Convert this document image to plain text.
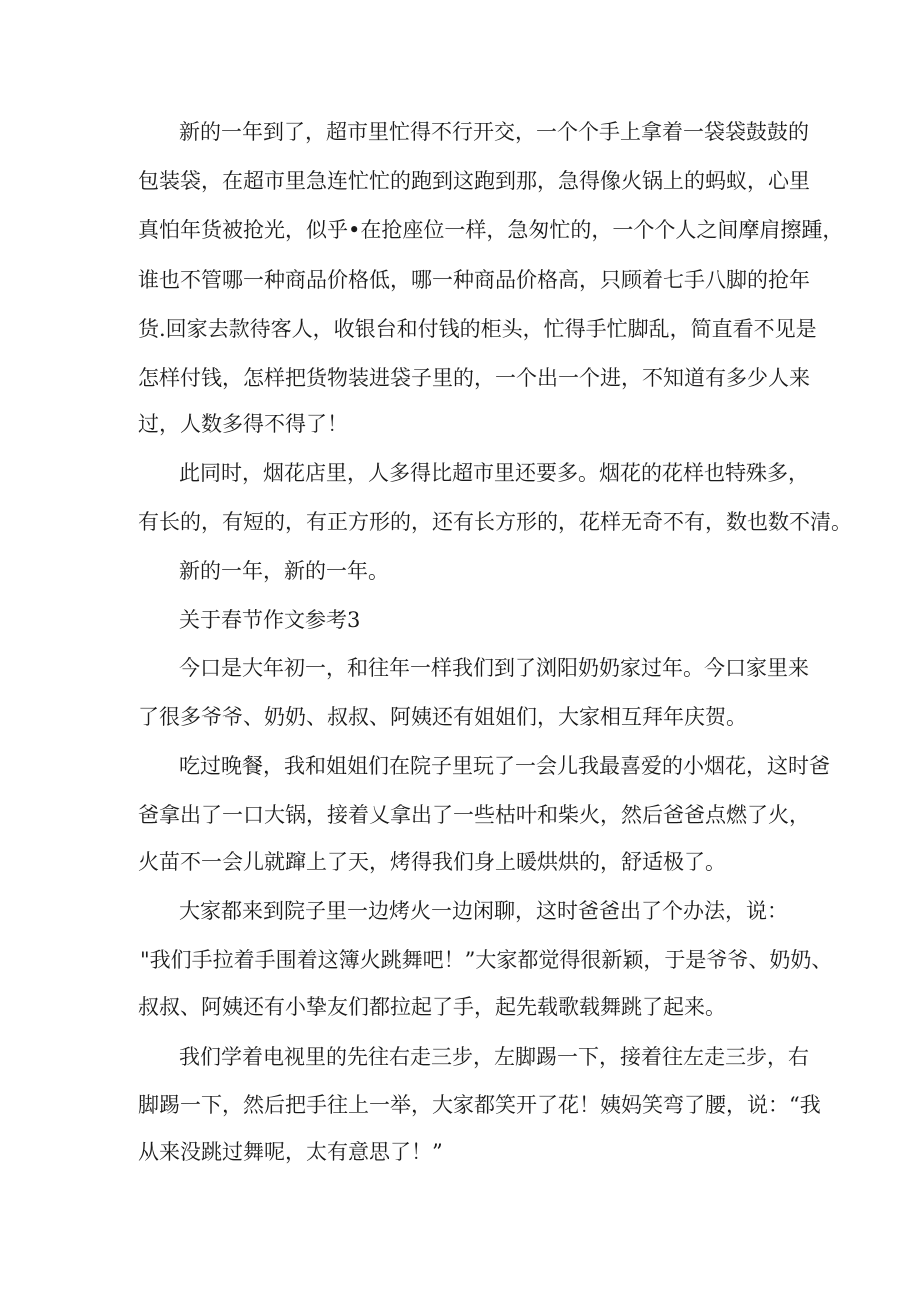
新的一年到了，超市里忙得不行开交，一个个手上拿着一袋袋鼓鼓的
包装袋，在超市里急连忙忙的跑到这跑到那，急得像火锅上的蚂蚁，心里
真怕年货被抢光，似乎•在抢座位一样，急匆忙的，一个个人之间摩肩擦踵，
谁也不管哪一种商品价格低，哪一种商品价格高，只顾着七手八脚的抢年
货.回家去款待客人，收银台和付钱的柜头，忙得手忙脚乱，简直看不见是
怎样付钱，怎样把货物装进袋子里的，一个出一个进，不知道有多少人来
过，人数多得不得了！
此同时，烟花店里，人多得比超市里还要多。烟花的花样也特殊多，
有长的，有短的，有正方形的，还有长方形的，花样无奇不有，数也数不清。
新的一年，新的一年。
关于春节作文参考3
今口是大年初一，和往年一样我们到了浏阳奶奶家过年。今口家里来
了很多爷爷、奶奶、叔叔、阿姨还有姐姐们，大家相互拜年庆贺。
吃过晚餐，我和姐姐们在院子里玩了一会儿我最喜爱的小烟花，这时爸
爸拿出了一口大锅，接着乂拿出了一些枯叶和柴火，然后爸爸点燃了火，
火苗不一会儿就蹿上了天，烤得我们身上暖烘烘的，舒适极了。
大家都来到院子里一边烤火一边闲聊，这时爸爸出了个办法，说：
"我们手拉着手围着这簿火跳舞吧！”大家都觉得很新颖，于是爷爷、奶奶、
叔叔、阿姨还有小挚友们都拉起了手，起先载歌载舞跳了起来。
我们学着电视里的先往右走三步，左脚踢一下，接着往左走三步，右
脚踢一下，然后把手往上一举，大家都笑开了花！姨妈笑弯了腰，说：“我
从来没跳过舞呢，太有意思了！”
